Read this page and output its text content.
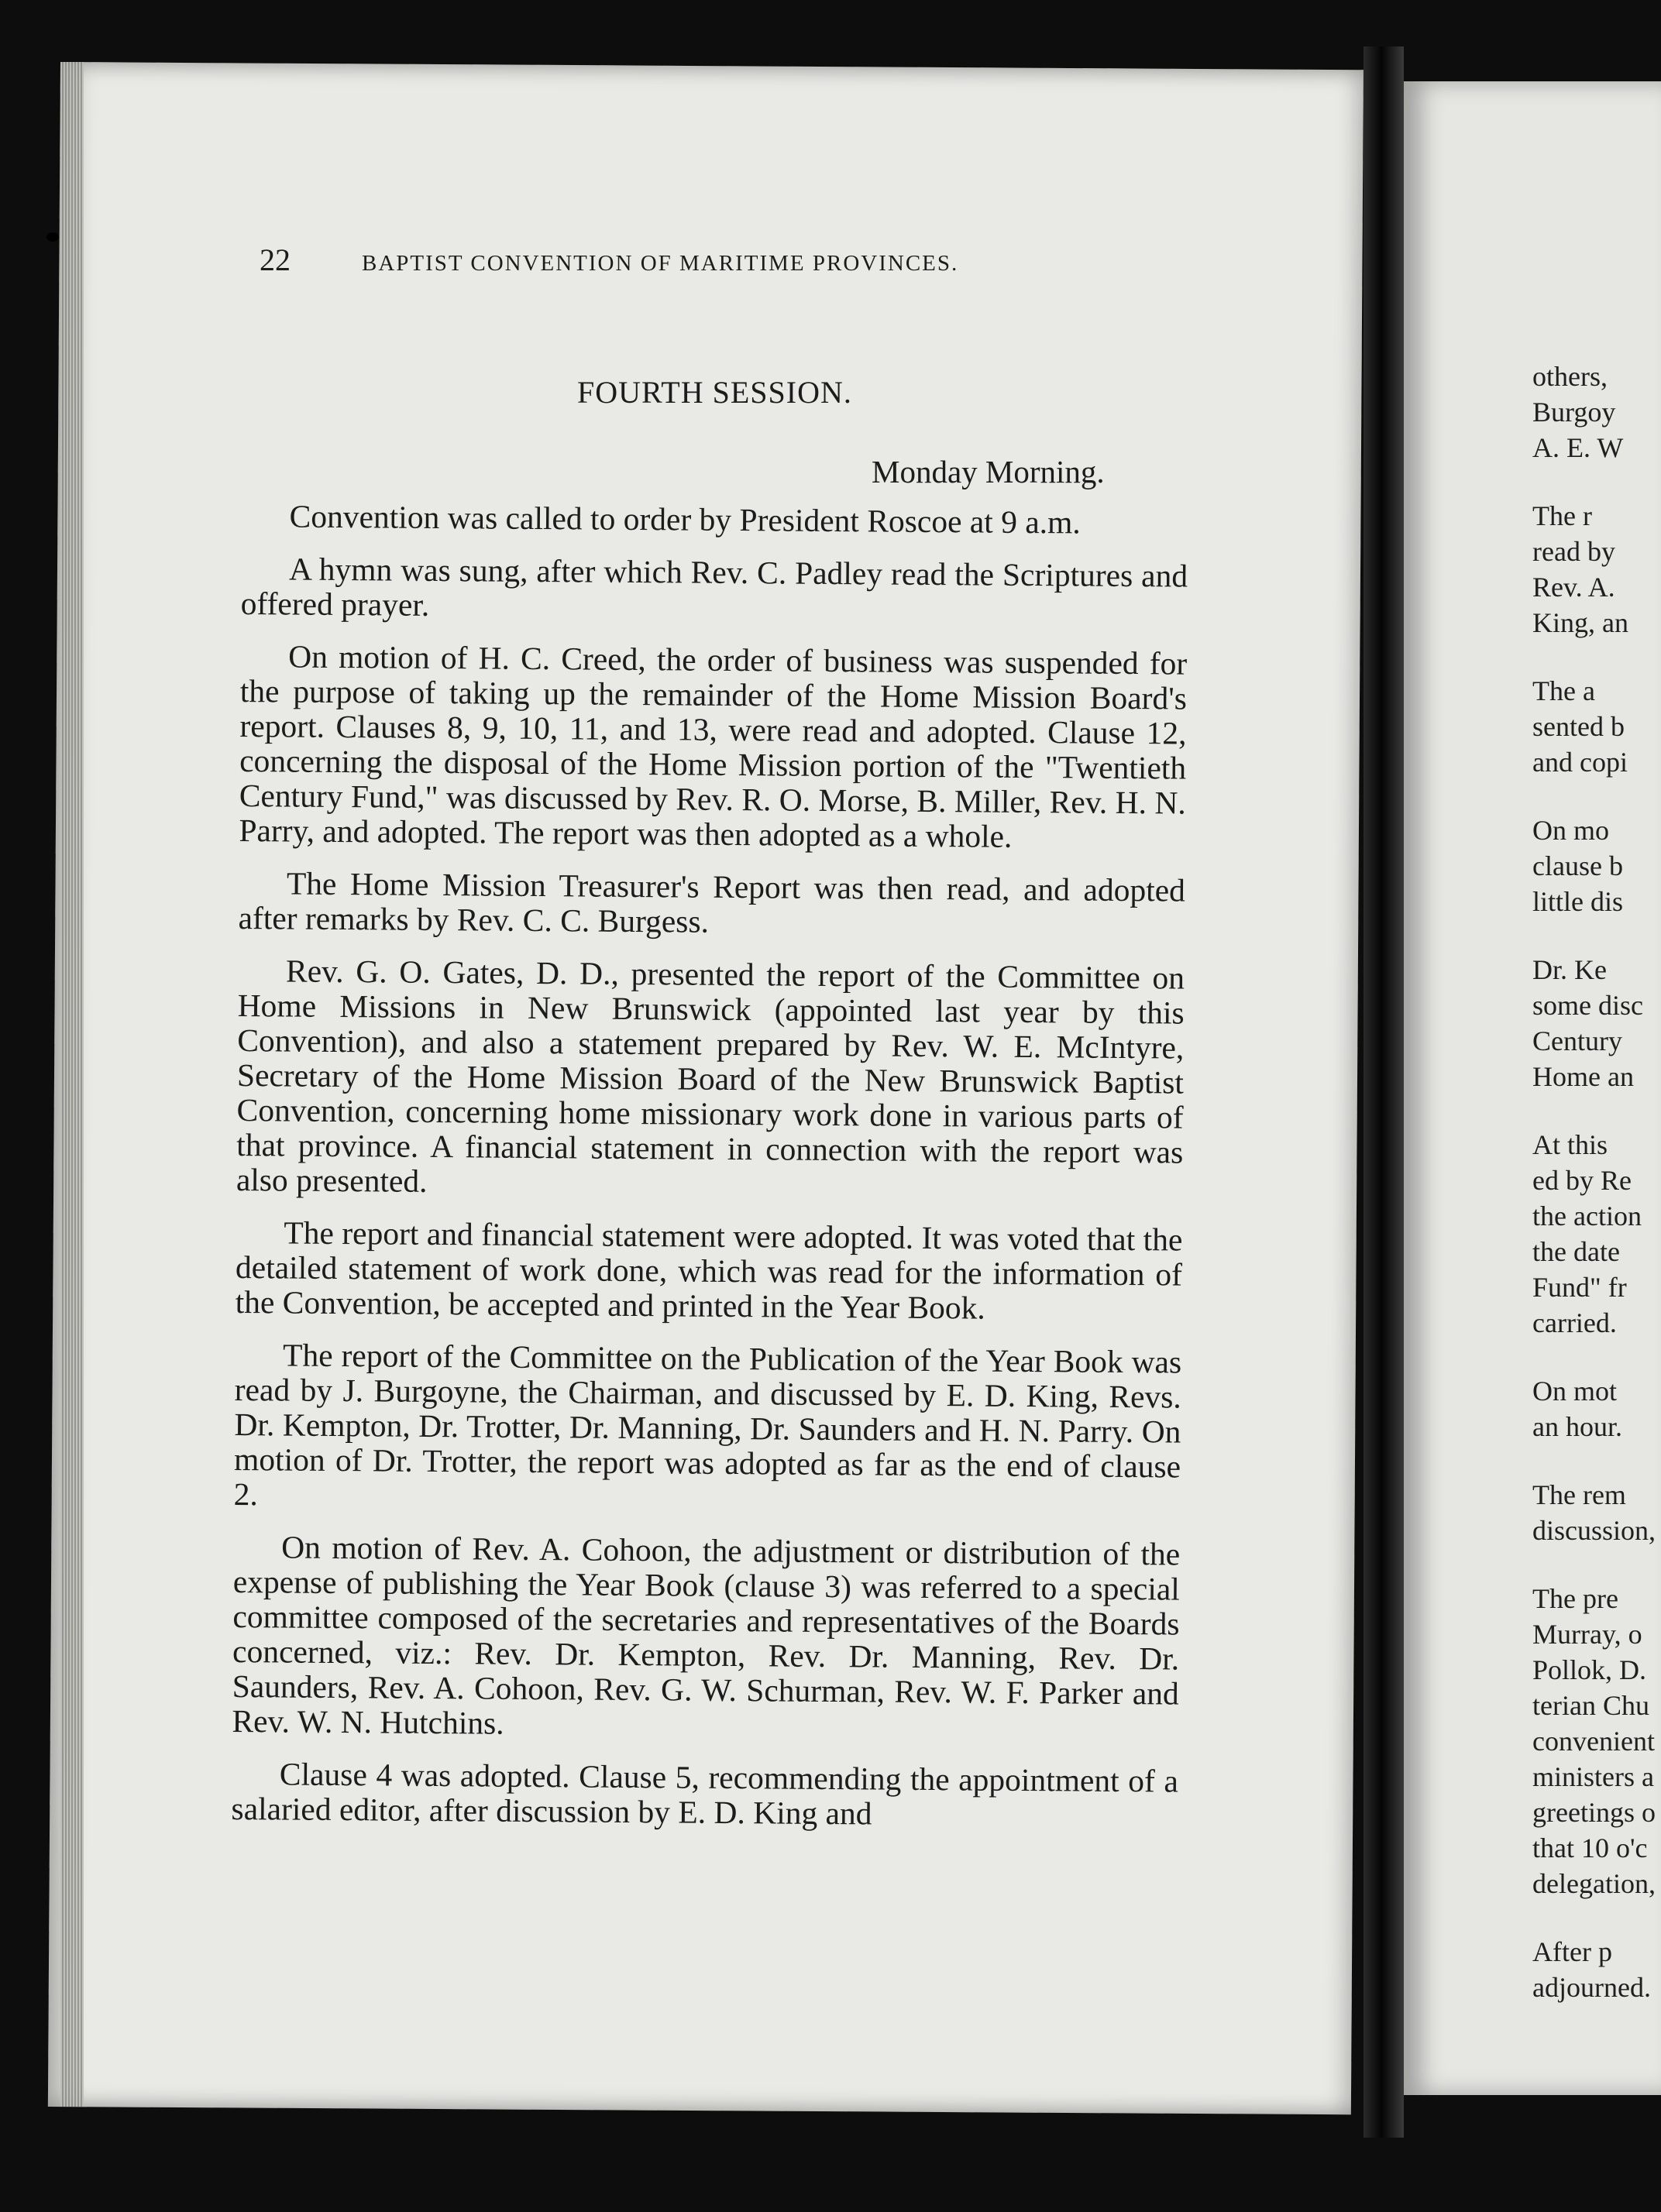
22	BAPTIST CONVENTION OF MARITIME PROVINCES.
FOURTH SESSION.
Monday Morning.

Convention was called to order by President Roscoe at 9 a.m.

A hymn was sung, after which Rev. C. Padley read the Scriptures and offered prayer.

On motion of H. C. Creed, the order of business was suspended for the purpose of taking up the remainder of the Home Mission Board's report. Clauses 8, 9, 10, 11, and 13, were read and adopted. Clause 12, concerning the disposal of the Home Mission portion of the "Twentieth Century Fund," was discussed by Rev. R. O. Morse, B. Miller, Rev. H. N. Parry, and adopted. The report was then adopted as a whole.

The Home Mission Treasurer's Report was then read, and adopted after remarks by Rev. C. C. Burgess.

Rev. G. O. Gates, D. D., presented the report of the Committee on Home Missions in New Brunswick (appointed last year by this Convention), and also a statement prepared by Rev. W. E. McIntyre, Secretary of the Home Mission Board of the New Brunswick Baptist Convention, concerning home missionary work done in various parts of that province. A financial statement in connection with the report was also presented.

The report and financial statement were adopted. It was voted that the detailed statement of work done, which was read for the information of the Convention, be accepted and printed in the Year Book.

The report of the Committee on the Publication of the Year Book was read by J. Burgoyne, the Chairman, and discussed by E. D. King, Revs. Dr. Kempton, Dr. Trotter, Dr. Manning, Dr. Saunders and H. N. Parry. On motion of Dr. Trotter, the report was adopted as far as the end of clause 2.

On motion of Rev. A. Cohoon, the adjustment or distribution of the expense of publishing the Year Book (clause 3) was referred to a special committee composed of the secretaries and representatives of the Boards concerned, viz.: Rev. Dr. Kempton, Rev. Dr. Manning, Rev. Dr. Saunders, Rev. A. Cohoon, Rev. G. W. Schurman, Rev. W. F. Parker and Rev. W. N. Hutchins.

Clause 4 was adopted. Clause 5, recommending the appointment of a salaried editor, after discussion by E. D. King and

others,
Burgoy
A. E. W

The r
read by
Rev. A.
King, an

The a
sented b
and copi

On mo
clause b
little dis

Dr. Ke
some disc
Century
Home an

At this
ed by Re
the action
the date
Fund" fr
carried.

On mot
an hour.

The rem
discussion,

The pre
Murray, o
Pollok, D.
terian Chu
convenient
ministers a
greetings o
that 10 o'c
delegation,

After p
adjourned.
